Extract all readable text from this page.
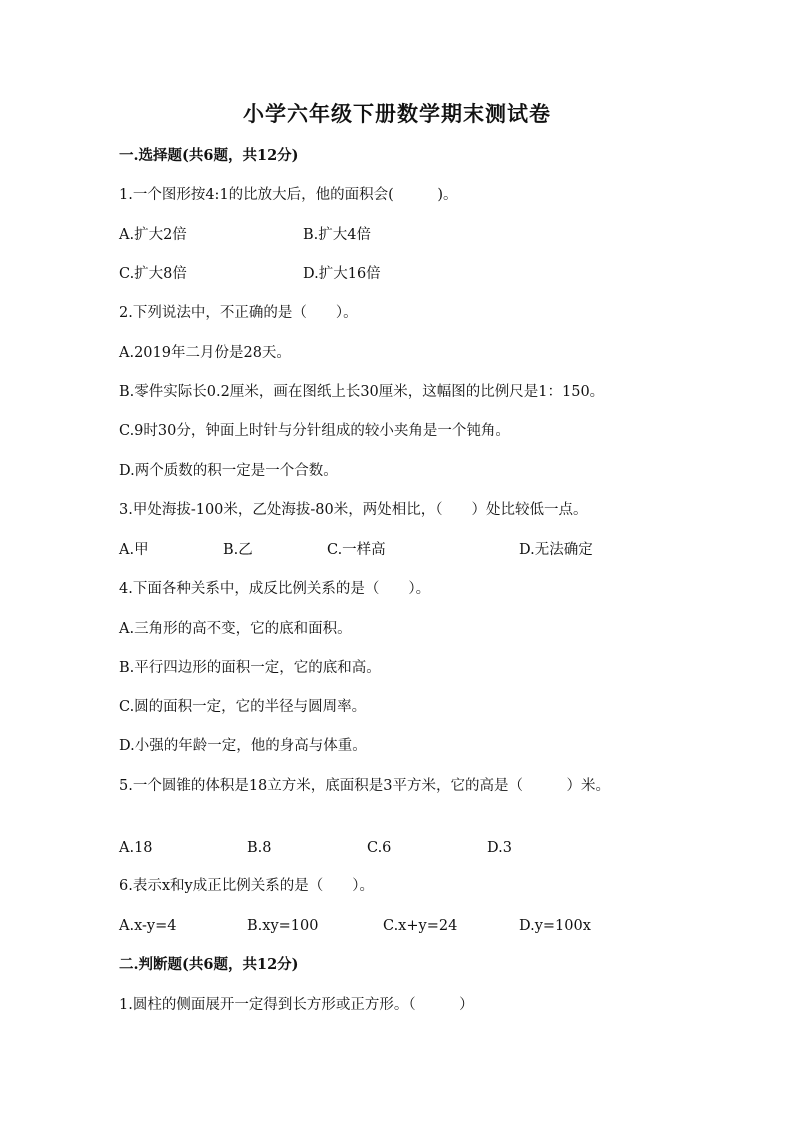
小学六年级下册数学期末测试卷
一.选择题(共6题，共12分)
1.一个图形按4:1的比放大后，他的面积会(　　　)。
A.扩大2倍	B.扩大4倍
C.扩大8倍	D.扩大16倍
2.下列说法中，不正确的是（　　）。
A.2019年二月份是28天。
B.零件实际长0.2厘米，画在图纸上长30厘米，这幅图的比例尺是1：150。
C.9时30分，钟面上时针与分针组成的较小夹角是一个钝角。
D.两个质数的积一定是一个合数。
3.甲处海拔-100米，乙处海拔-80米，两处相比，（　　）处比较低一点。
A.甲	B.乙	C.一样高	D.无法确定
4.下面各种关系中，成反比例关系的是（　　）。
A.三角形的高不变，它的底和面积。
B.平行四边形的面积一定，它的底和高。
C.圆的面积一定，它的半径与圆周率。
D.小强的年龄一定，他的身高与体重。
5.一个圆锥的体积是18立方米，底面积是3平方米，它的高是（　　　）米。
A.18	B.8	C.6	D.3
6.表示x和y成正比例关系的是（　　）。
A.x-y=4	B.xy=100	C.x+y=24	D.y=100x
二.判断题(共6题，共12分)
1.圆柱的侧面展开一定得到长方形或正方形。（　　　）
